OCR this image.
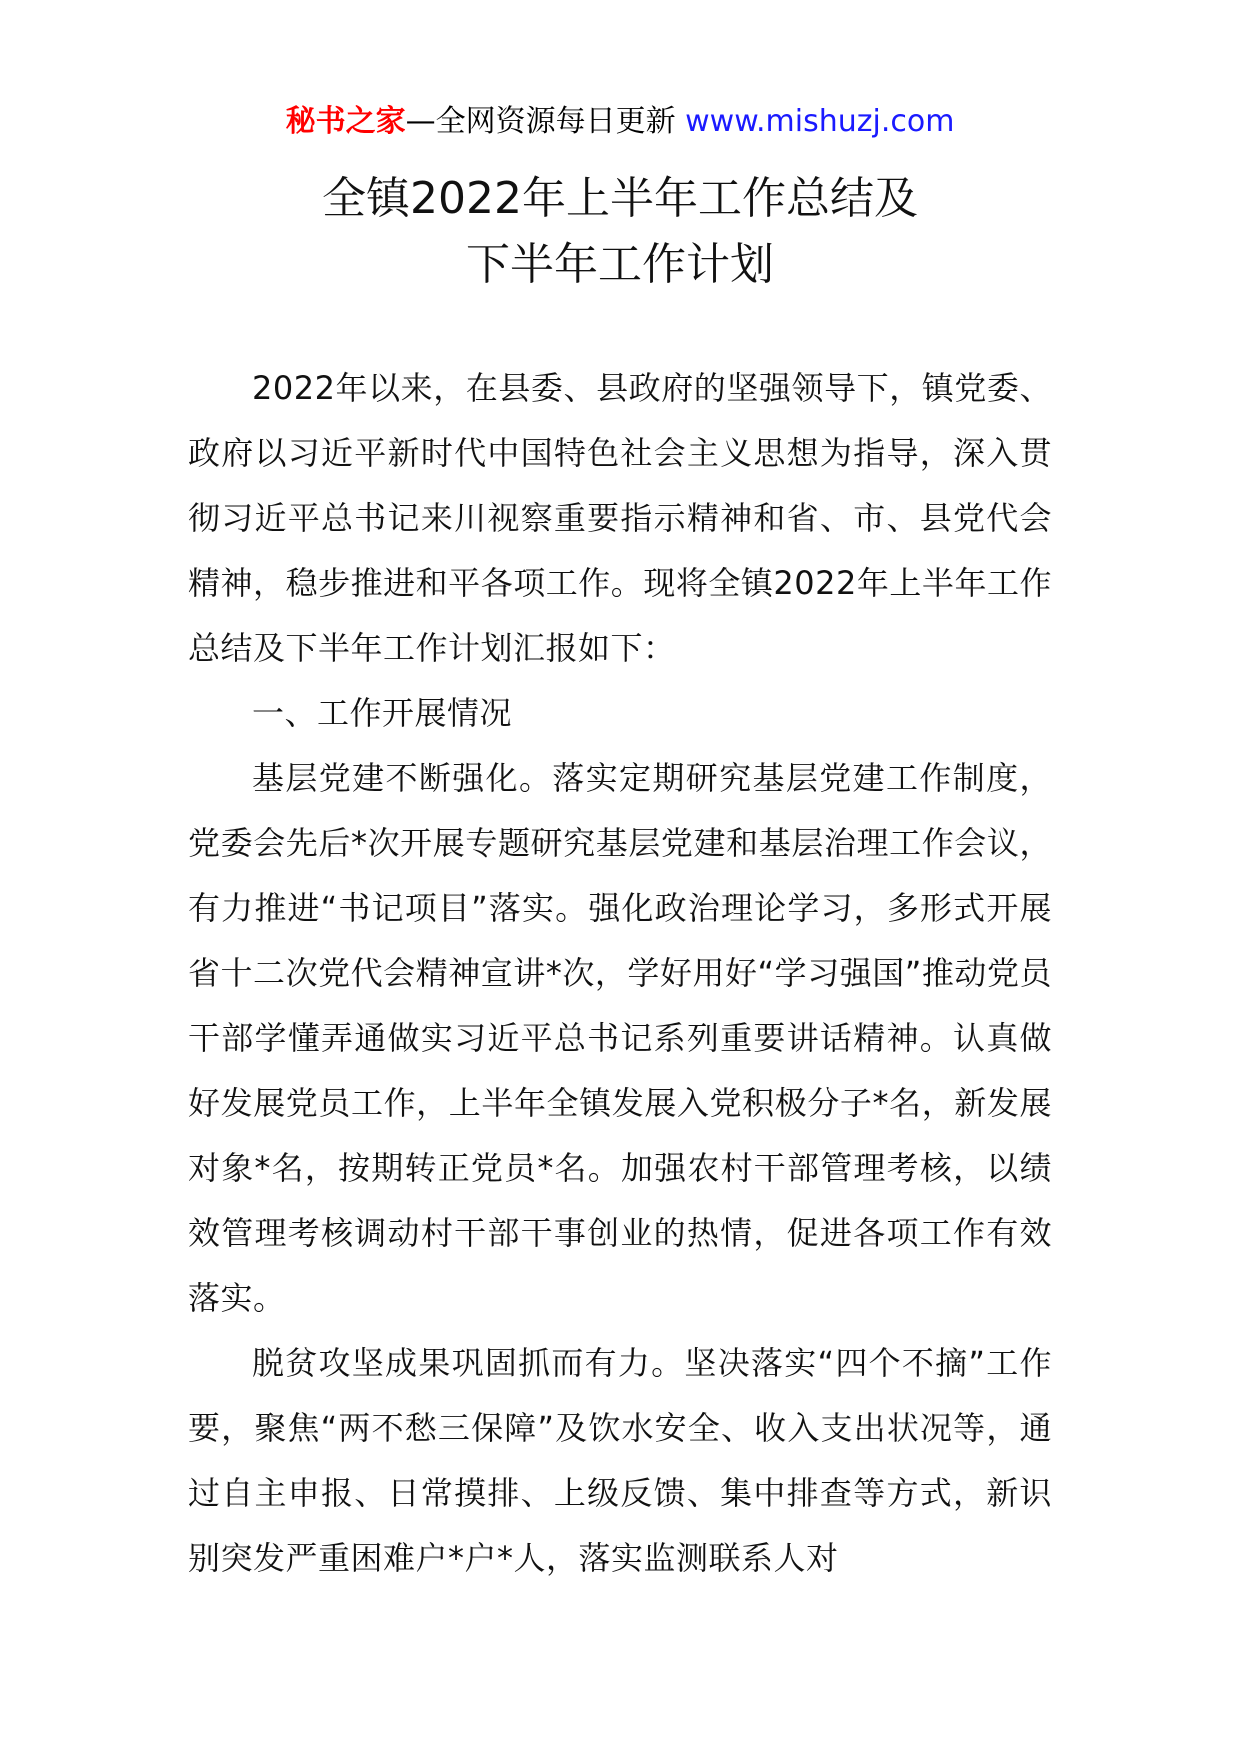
秘书之家—全网资源每日更新 www.mishuzj.com
全镇2022年上半年工作总结及
下半年工作计划

2022年以来，在县委、县政府的坚强领导下，镇党委、政府以习近平新时代中国特色社会主义思想为指导，深入贯彻习近平总书记来川视察重要指示精神和省、市、县党代会精神，稳步推进和平各项工作。现将全镇2022年上半年工作总结及下半年工作计划汇报如下：

一、工作开展情况

基层党建不断强化。落实定期研究基层党建工作制度，党委会先后*次开展专题研究基层党建和基层治理工作会议，有力推进“书记项目”落实。强化政治理论学习，多形式开展省十二次党代会精神宣讲*次，学好用好“学习强国”推动党员干部学懂弄通做实习近平总书记系列重要讲话精神。认真做好发展党员工作，上半年全镇发展入党积极分子*名，新发展对象*名，按期转正党员*名。加强农村干部管理考核，以绩效管理考核调动村干部干事创业的热情，促进各项工作有效落实。

脱贫攻坚成果巩固抓而有力。坚决落实“四个不摘”工作要，聚焦“两不愁三保障”及饮水安全、收入支出状况等，通过自主申报、日常摸排、上级反馈、集中排查等方式，新识别突发严重困难户*户*人，落实监测联系人对
